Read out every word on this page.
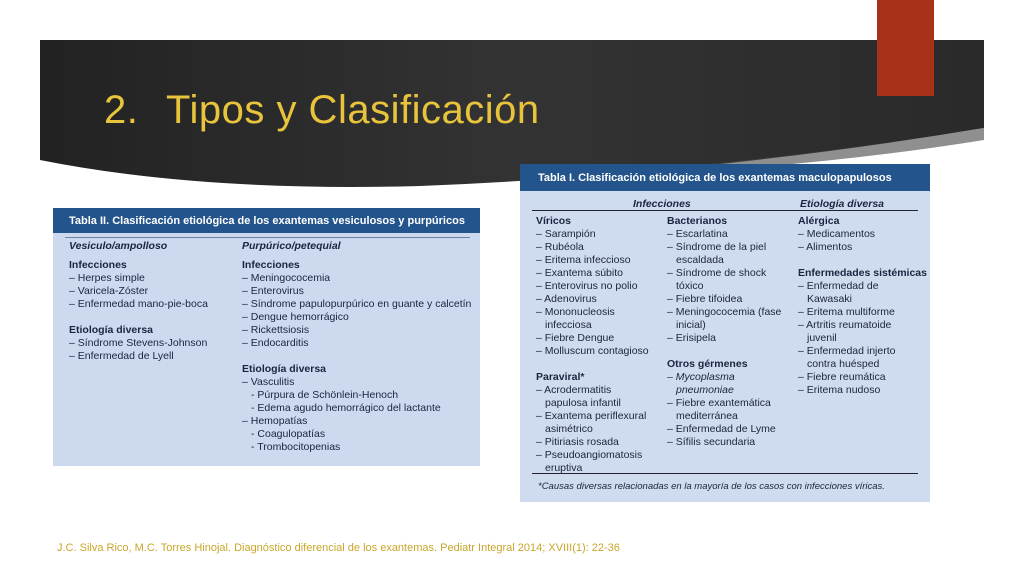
2. Tipos y Clasificación
Tabla II. Clasificación etiológica de los exantemas vesiculosos y purpúricos
Vesiculo/ampolloso
Infecciones
– Herpes simple
– Varicela-Zóster
– Enfermedad mano-pie-boca
Etiología diversa
– Síndrome Stevens-Johnson
– Enfermedad de Lyell
Purpúrico/petequial
Infecciones
– Meningococemia
– Enterovirus
– Síndrome papulopurpúrico en guante y calcetín
– Dengue hemorrágico
– Rickettsiosis
– Endocarditis
Etiología diversa
– Vasculitis
- Púrpura de Schönlein-Henoch
- Edema agudo hemorrágico del lactante
– Hemopatías
- Coagulopatías
- Trombocitopenias
Tabla I. Clasificación etiológica de los exantemas maculopapulosos
Infecciones	Etiología diversa
Víricos
– Sarampión
– Rubéola
– Eritema infeccioso
– Exantema súbito
– Enterovirus no polio
– Adenovirus
– Mononucleosis
infecciosa
– Fiebre Dengue
– Molluscum contagioso
Paraviral*
– Acrodermatitis
papulosa infantil
– Exantema periflexural
asimétrico
– Pitiriasis rosada
– Pseudoangiomatosis
eruptiva
Bacterianos
– Escarlatina
– Síndrome de la piel
escaldada
– Síndrome de shock
tóxico
– Fiebre tifoidea
– Meningococemia (fase
inicial)
– Erisipela
Otros gérmenes
– Mycoplasma
pneumoniae
– Fiebre exantemática
mediterránea
– Enfermedad de Lyme
– Sífilis secundaria
Alérgica
– Medicamentos
– Alimentos
Enfermedades sistémicas
– Enfermedad de
Kawasaki
– Eritema multiforme
– Artritis reumatoide
juvenil
– Enfermedad injerto
contra huésped
– Fiebre reumática
– Eritema nudoso
*Causas diversas relacionadas en la mayoría de los casos con infecciones víricas.
J.C. Silva Rico, M.C. Torres Hinojal. Diagnóstico diferencial de los exantemas. Pediatr Integral 2014; XVIII(1): 22-36
